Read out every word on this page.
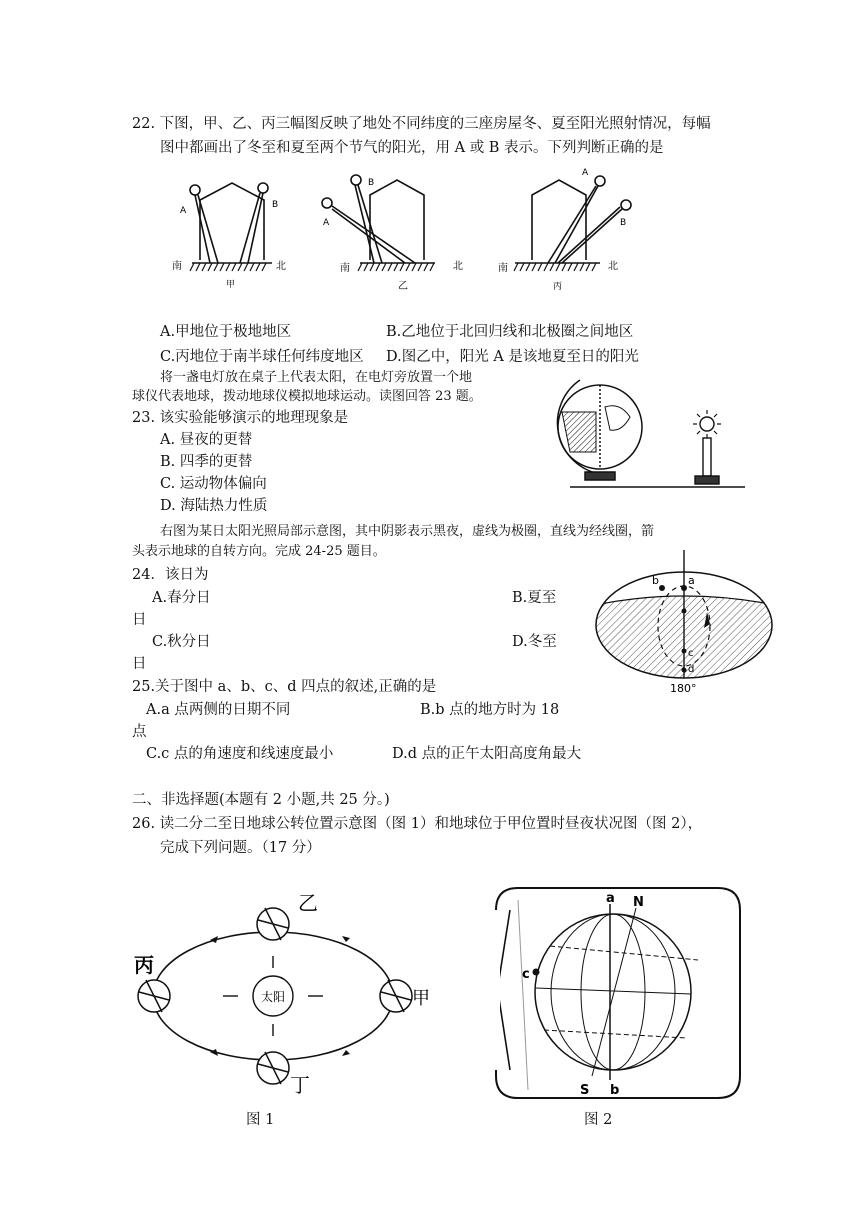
22. 下图，甲、乙、丙三幅图反映了地处不同纬度的三座房屋冬、夏至阳光照射情况，每幅
图中都画出了冬至和夏至两个节气的阳光，用 A 或 B 表示。下列判断正确的是
A
B
南	北
甲
A
B
南	北
乙
A
B
南	北
丙
A.甲地位于极地地区	B.乙地位于北回归线和北极圈之间地区
C.丙地位于南半球任何纬度地区 D.图乙中，阳光 A 是该地夏至日的阳光
将一盏电灯放在桌子上代表太阳，在电灯旁放置一个地
球仪代表地球，拨动地球仪模拟地球运动。读图回答 23 题。
23. 该实验能够演示的地理现象是
A. 昼夜的更替
B. 四季的更替
C. 运动物体偏向
D. 海陆热力性质
右图为某日太阳光照局部示意图，其中阴影表示黑夜，虚线为极圈，直线为经线圈，箭
头表示地球的自转方向。完成 24-25 题目。
24．该日为
A.春分日	B.夏至
日
C.秋分日	D.冬至
日
25.关于图中 a、b、c、d 四点的叙述,正确的是
A.a 点两侧的日期不同	B.b 点的地方时为 18
点
C.c 点的角速度和线速度最小	D.d 点的正午太阳高度角最大
b	a
c
d
180°
二、非选择题(本题有 2 小题,共 25 分。)
26. 读二分二至日地球公转位置示意图（图 1）和地球位于甲位置时昼夜状况图（图 2），
完成下列问题。（17 分）
太阳
乙
丙
甲
丁
图 1
a N
c
S b
图 2
